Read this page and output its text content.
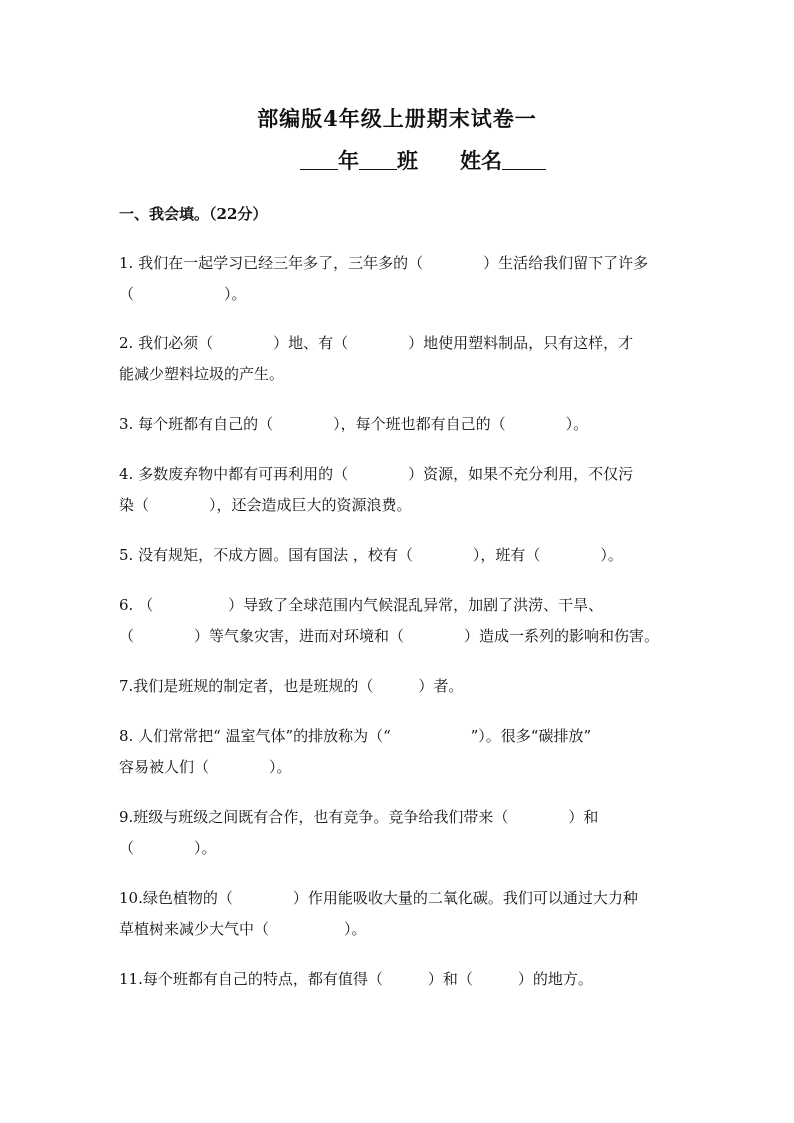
部编版4年级上册期末试卷一
年 班 姓名
一、我会填。（22分）
1. 我们在一起学习已经三年多了，三年多的（　　　　）生活给我们留下了许多
（　　　　　　）。
2. 我们必须（　　　　）地、有（　　　　）地使用塑料制品，只有这样，才
能减少塑料垃圾的产生。
3. 每个班都有自己的（　　　　），每个班也都有自己的（　　　　）。
4. 多数废弃物中都有可再利用的（　　　　）资源，如果不充分利用，不仅污
染（　　　　），还会造成巨大的资源浪费。
5. 没有规矩，不成方圆。国有国法 ，校有（　　　　），班有（　　　　）。
6. （　　　　　）导致了全球范围内气候混乱异常，加剧了洪涝、干旱、
（　　　　）等气象灾害，进而对环境和（　　　　）造成一系列的影响和伤害。
7.我们是班规的制定者，也是班规的（　　　）者。
8. 人们常常把“ 温室气体”的排放称为（“　　　　　 ”）。很多“碳排放”
容易被人们（　　　　）。
9.班级与班级之间既有合作，也有竞争。竞争给我们带来（　　　　）和
（　　　　）。
10.绿色植物的（　　　　）作用能吸收大量的二氧化碳。我们可以通过大力种
草植树来减少大气中（　　　　　）。
11.每个班都有自己的特点，都有值得（　　　）和（　　　）的地方。
